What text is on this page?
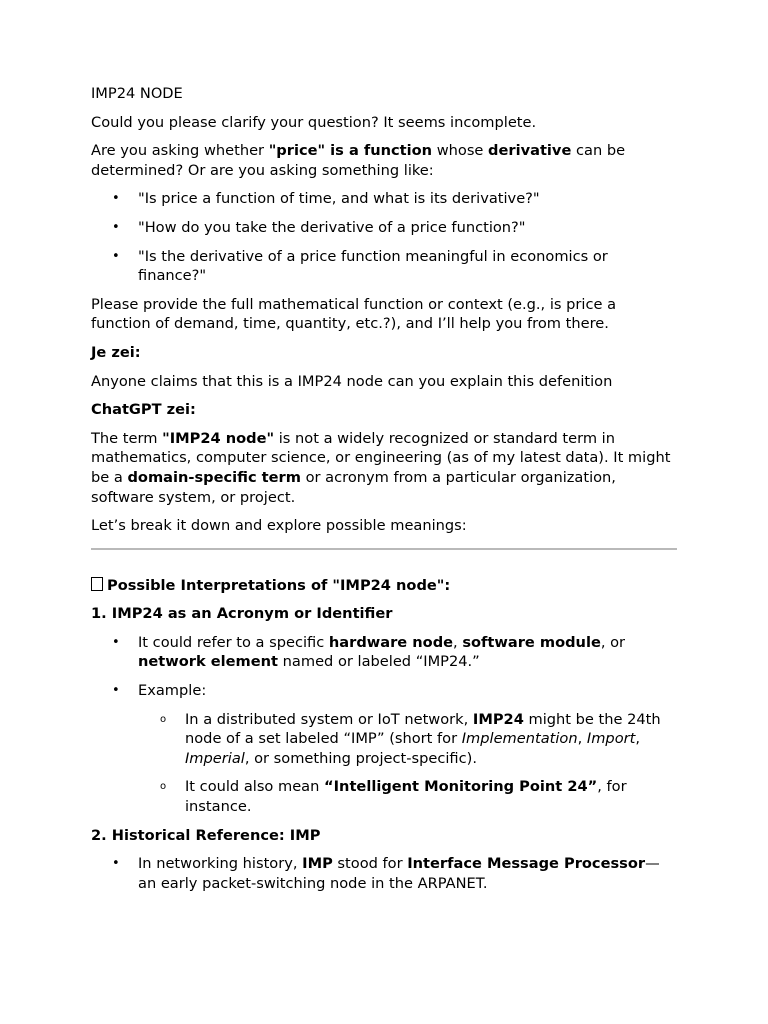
IMP24 NODE

Could you please clarify your question? It seems incomplete.

Are you asking whether "price" is a function whose derivative can be determined? Or are you asking something like:

• "Is price a function of time, and what is its derivative?"
• "How do you take the derivative of a price function?"
• "Is the derivative of a price function meaningful in economics or finance?"

Please provide the full mathematical function or context (e.g., is price a function of demand, time, quantity, etc.?), and I’ll help you from there.

Je zei:

Anyone claims that this is a IMP24 node can you explain this defenition

ChatGPT zei:

The term "IMP24 node" is not a widely recognized or standard term in mathematics, computer science, or engineering (as of my latest data). It might be a domain-specific term or acronym from a particular organization, software system, or project.

Let’s break it down and explore possible meanings:

Possible Interpretations of "IMP24 node":

1. IMP24 as an Acronym or Identifier

• It could refer to a specific hardware node, software module, or network element named or labeled “IMP24.”
• Example:
o In a distributed system or IoT network, IMP24 might be the 24th node of a set labeled “IMP” (short for Implementation, Import, Imperial, or something project-specific).
o It could also mean “Intelligent Monitoring Point 24”, for instance.

2. Historical Reference: IMP

• In networking history, IMP stood for Interface Message Processor—an early packet-switching node in the ARPANET.
